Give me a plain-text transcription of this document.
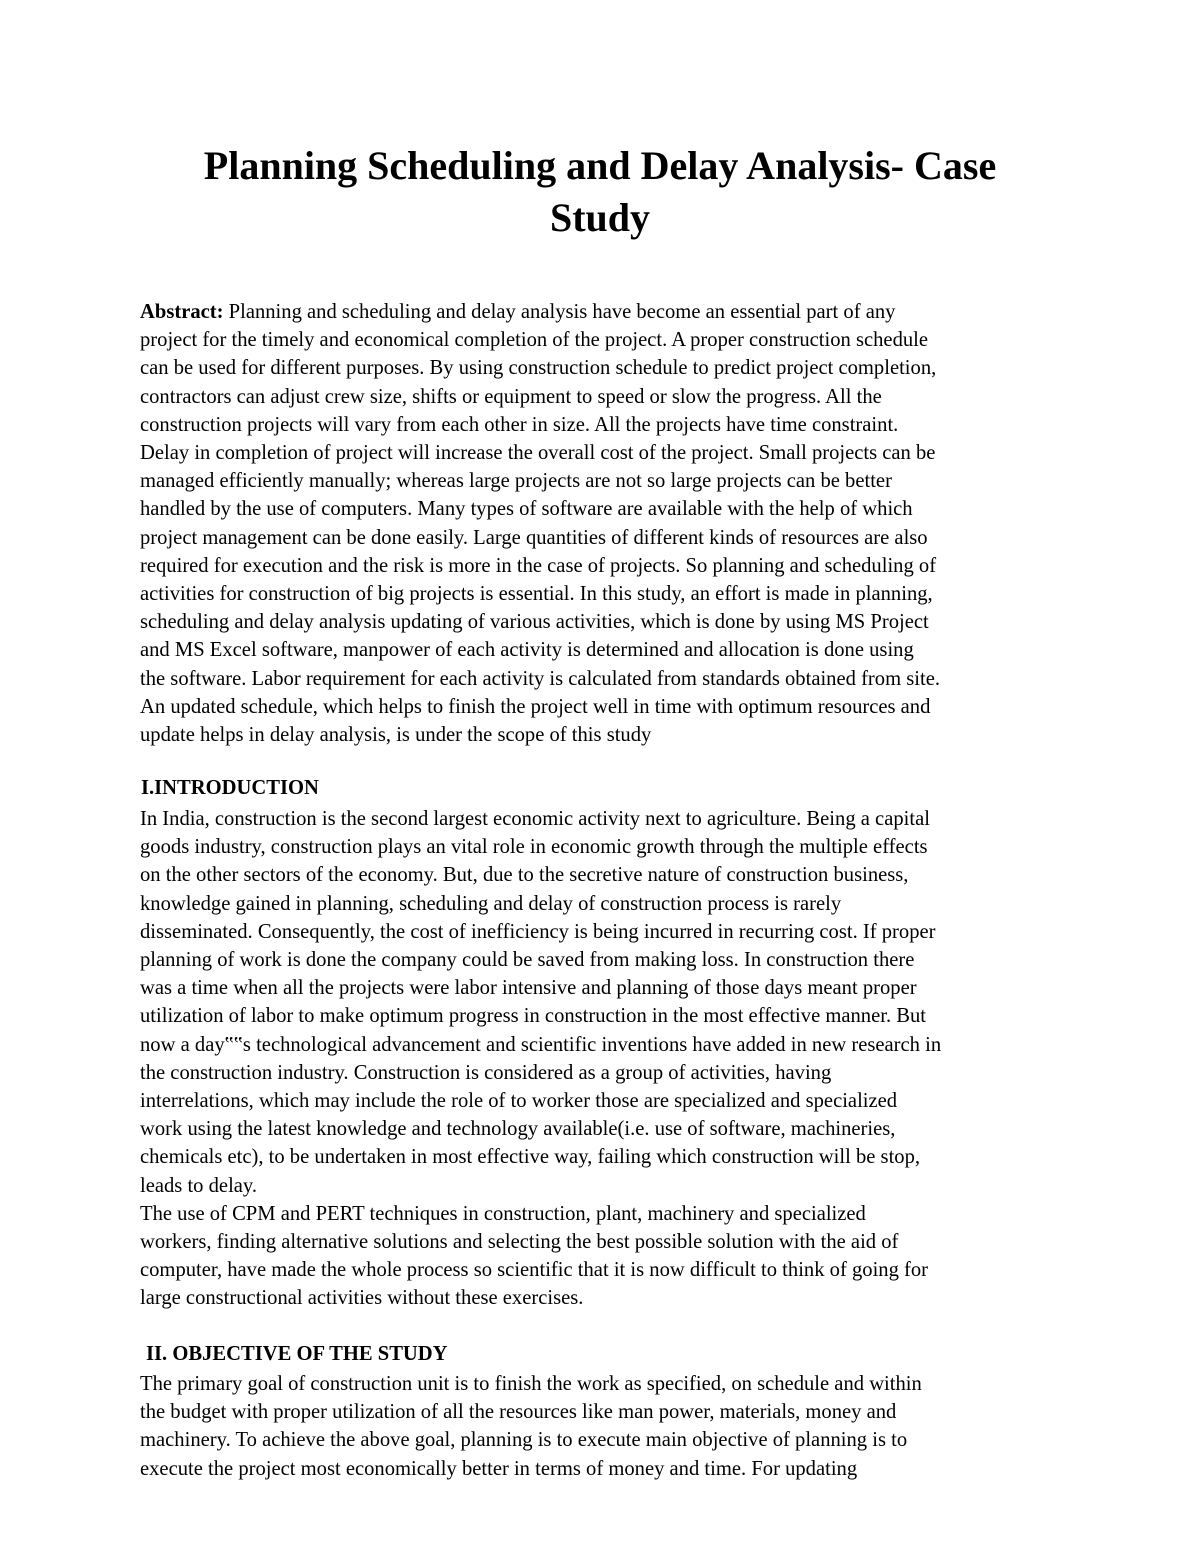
Planning Scheduling and Delay Analysis- Case
Study
Abstract: Planning and scheduling and delay analysis have become an essential part of any
project for the timely and economical completion of the project. A proper construction schedule
can be used for different purposes. By using construction schedule to predict project completion,
contractors can adjust crew size, shifts or equipment to speed or slow the progress. All the
construction projects will vary from each other in size. All the projects have time constraint.
Delay in completion of project will increase the overall cost of the project. Small projects can be
managed efficiently manually; whereas large projects are not so large projects can be better
handled by the use of computers. Many types of software are available with the help of which
project management can be done easily. Large quantities of different kinds of resources are also
required for execution and the risk is more in the case of projects. So planning and scheduling of
activities for construction of big projects is essential. In this study, an effort is made in planning,
scheduling and delay analysis updating of various activities, which is done by using MS Project
and MS Excel software, manpower of each activity is determined and allocation is done using
the software. Labor requirement for each activity is calculated from standards obtained from site.
An updated schedule, which helps to finish the project well in time with optimum resources and
update helps in delay analysis, is under the scope of this study
I.INTRODUCTION
In India, construction is the second largest economic activity next to agriculture. Being a capital
goods industry, construction plays an vital role in economic growth through the multiple effects
on the other sectors of the economy. But, due to the secretive nature of construction business,
knowledge gained in planning, scheduling and delay of construction process is rarely
disseminated. Consequently, the cost of inefficiency is being incurred in recurring cost. If proper
planning of work is done the company could be saved from making loss. In construction there
was a time when all the projects were labor intensive and planning of those days meant proper
utilization of labor to make optimum progress in construction in the most effective manner. But
now a day‟‟s technological advancement and scientific inventions have added in new research in
the construction industry. Construction is considered as a group of activities, having
interrelations, which may include the role of to worker those are specialized and specialized
work using the latest knowledge and technology available(i.e. use of software, machineries,
chemicals etc), to be undertaken in most effective way, failing which construction will be stop,
leads to delay.
The use of CPM and PERT techniques in construction, plant, machinery and specialized
workers, finding alternative solutions and selecting the best possible solution with the aid of
computer, have made the whole process so scientific that it is now difficult to think of going for
large constructional activities without these exercises.
II. OBJECTIVE OF THE STUDY
The primary goal of construction unit is to finish the work as specified, on schedule and within
the budget with proper utilization of all the resources like man power, materials, money and
machinery. To achieve the above goal, planning is to execute main objective of planning is to
execute the project most economically better in terms of money and time. For updating
